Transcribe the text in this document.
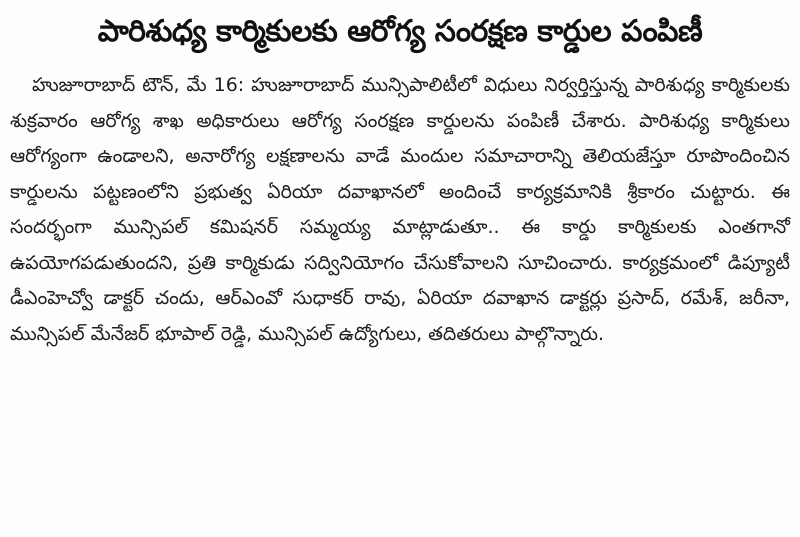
పారిశుధ్య కార్మికులకు ఆరోగ్య సంరక్షణ కార్డుల పంపిణీ

హుజూరాబాద్ టౌన్, మే 16: హుజూరాబాద్ మున్సిపాలిటీలో విధులు నిర్వర్తిస్తున్న పారిశుధ్య కార్మికులకు శుక్రవారం ఆరోగ్య శాఖ అధికారులు ఆరోగ్య సంరక్షణ కార్డులను పంపిణీ చేశారు. పారిశుధ్య కార్మికులు ఆరోగ్యంగా ఉండాలని, అనారోగ్య లక్షణాలను వాడే మందుల సమాచారాన్ని తెలియజేస్తూ రూపొందించిన కార్డులను పట్టణంలోని ప్రభుత్వ ఏరియా దవాఖానలో అందించే కార్యక్రమానికి శ్రీకారం చుట్టారు. ఈ సందర్భంగా మున్సిపల్ కమిషనర్ సమ్మయ్య మాట్లాడుతూ.. ఈ కార్డు కార్మికులకు ఎంతగానో ఉపయోగపడుతుందని, ప్రతి కార్మికుడు సద్వినియోగం చేసుకోవాలని సూచించారు. కార్యక్రమంలో డిప్యూటీ డీఎంహెచ్వో డాక్టర్ చందు, ఆర్ఎంవో సుధాకర్ రావు, ఏరియా దవాఖాన డాక్టర్లు ప్రసాద్, రమేశ్, జరీనా, మున్సిపల్ మేనేజర్ భూపాల్ రెడ్డి, మున్సిపల్ ఉద్యోగులు, తదితరులు పాల్గొన్నారు.
